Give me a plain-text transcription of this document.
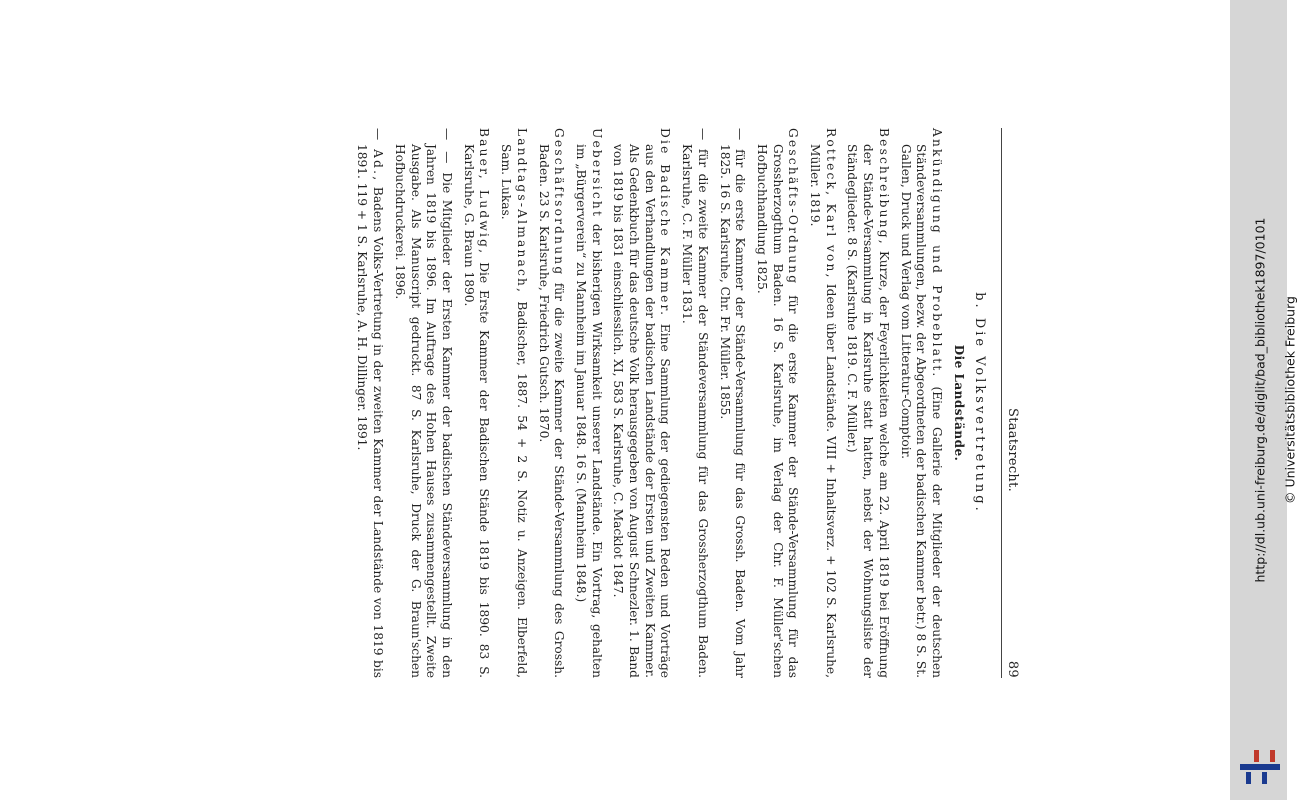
Staatsrecht.
89
b. Die Volksvertretung.
Die Landstände.

Ankündigung und Probeblatt. (Eine Gallerie der Mitglieder der deutschen Ständeversammlungen, bezw. der Abgeordneten der badischen Kammer betr.) 8 S. St. Gallen, Druck und Verlag vom Litteratur-Comptoir.

Beschreibung, Kurze, der Feyerlichkeiten welche am 22. April 1819 bei Eröffnung der Stände-Versammlung in Karlsruhe statt hatten, nebst der Wohnungsliste der Ständeglieder. 8 S. (Karlsruhe 1819. C. F. Müller.)

Rotteck, Karl von, Ideen über Landstände. VIII + Inhaltsverz. + 102 S. Karlsruhe, Müller. 1819.

Geschäfts-Ordnung für die erste Kammer der Stände-Versammlung für das Grossherzogthum Baden. 16 S. Karlsruhe, im Verlag der Chr. F. Müller'schen Hofbuchhandlung 1825.

— für die erste Kammer der Stände-Versammlung für das Grossh. Baden. Vom Jahr 1825. 16 S. Karlsruhe, Chr. Fr. Müller. 1855.

— für die zweite Kammer der Ständeversammlung für das Grossherzogthum Baden. Karlsruhe, C. F. Müller 1831.

Die Badische Kammer. Eine Sammlung der gediegensten Reden und Vorträge aus den Verhandlungen der badischen Landstände der Ersten und Zweiten Kammer. Als Gedenkbuch für das deutsche Volk herausgegeben von August Schnezler. 1. Band von 1819 bis 1831 einschliesslich. XI, 583 S. Karlsruhe, C. Macklot 1847.

Uebersicht der bisherigen Wirksamkeit unserer Landstände. Ein Vortrag, gehalten im „Bürgerverein“ zu Mannheim im Januar 1848. 16 S. (Mannheim 1848.)

Geschäftsordnung für die zweite Kammer der Stände-Versammlung des Grossh. Baden. 23 S. Karlsruhe, Friedrich Gutsch. 1870.

Landtags-Almanach, Badischer, 1887. 54 + 2 S. Notiz u. Anzeigen. Elberfeld, Sam. Lukas.

Bauer, Ludwig, Die Erste Kammer der Badischen Stände 1819 bis 1890. 83 S. Karlsruhe, G. Braun 1890.

— — Die Mitglieder der Ersten Kammer der badischen Ständeversammlung in den Jahren 1819 bis 1896. Im Auftrage des Hohen Hauses zusammengestellt. Zweite Ausgabe. Als Manuscript gedruckt. 87 S. Karlsruhe, Druck der G. Braun'schen Hofbuchdruckerei. 1896.

— Ad., Badens Volks-Vertretung in der zweiten Kammer der Landstände von 1819 bis 1891. 119 + 1 S. Karlsruhe, A. H. Dillinger. 1891.	http://dl.ub.uni-freiburg.de/diglit/bad_bibliothek1897/0101 © Universitätsbibliothek Freiburg
